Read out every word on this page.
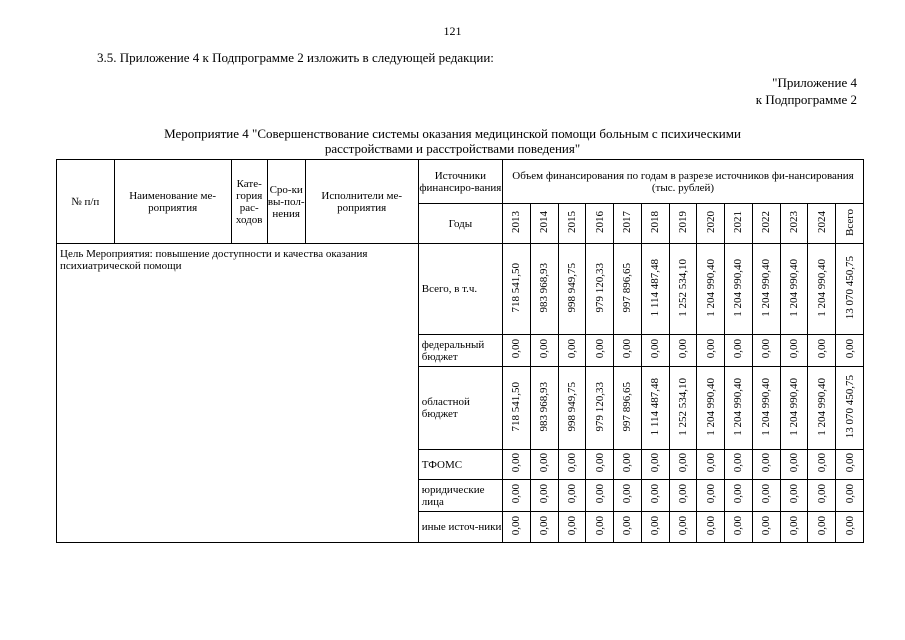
121
3.5. Приложение 4 к Подпрограмме 2 изложить в следующей редакции:
"Приложение 4
к Подпрограмме 2
Мероприятие 4 "Совершенствование системы оказания медицинской помощи больным с психическими
расстройствами и расстройствами поведения"
№ п/п	Наименование ме-роприятия	Кате-гория рас-ходов	Сро-ки вы-пол-нения	Исполнители ме-роприятия	Источники финансиро-вания	Объем финансирования по годам в разрезе источников фи-нансирования (тыс. рублей)												
					Годы	2013	2014	2015	2016	2017	2018	2019	2020	2021	2022	2023	2024	Всего
Цель Мероприятия: повышение доступности и качества оказания психиатрической помощи					Всего, в т.ч.	718 541,50	983 968,93	998 949,75	979 120,33	997 896,65	1 114 487,48	1 252 534,10	1 204 990,40	1 204 990,40	1 204 990,40	1 204 990,40	1 204 990,40	13 070 450,75
					федеральный бюджет	0,00	0,00	0,00	0,00	0,00	0,00	0,00	0,00	0,00	0,00	0,00	0,00	0,00
					областной бюджет	718 541,50	983 968,93	998 949,75	979 120,33	997 896,65	1 114 487,48	1 252 534,10	1 204 990,40	1 204 990,40	1 204 990,40	1 204 990,40	1 204 990,40	13 070 450,75
					ТФОМС	0,00	0,00	0,00	0,00	0,00	0,00	0,00	0,00	0,00	0,00	0,00	0,00	0,00
					юридические лица	0,00	0,00	0,00	0,00	0,00	0,00	0,00	0,00	0,00	0,00	0,00	0,00	0,00
					иные источ-ники	0,00	0,00	0,00	0,00	0,00	0,00	0,00	0,00	0,00	0,00	0,00	0,00	0,00
